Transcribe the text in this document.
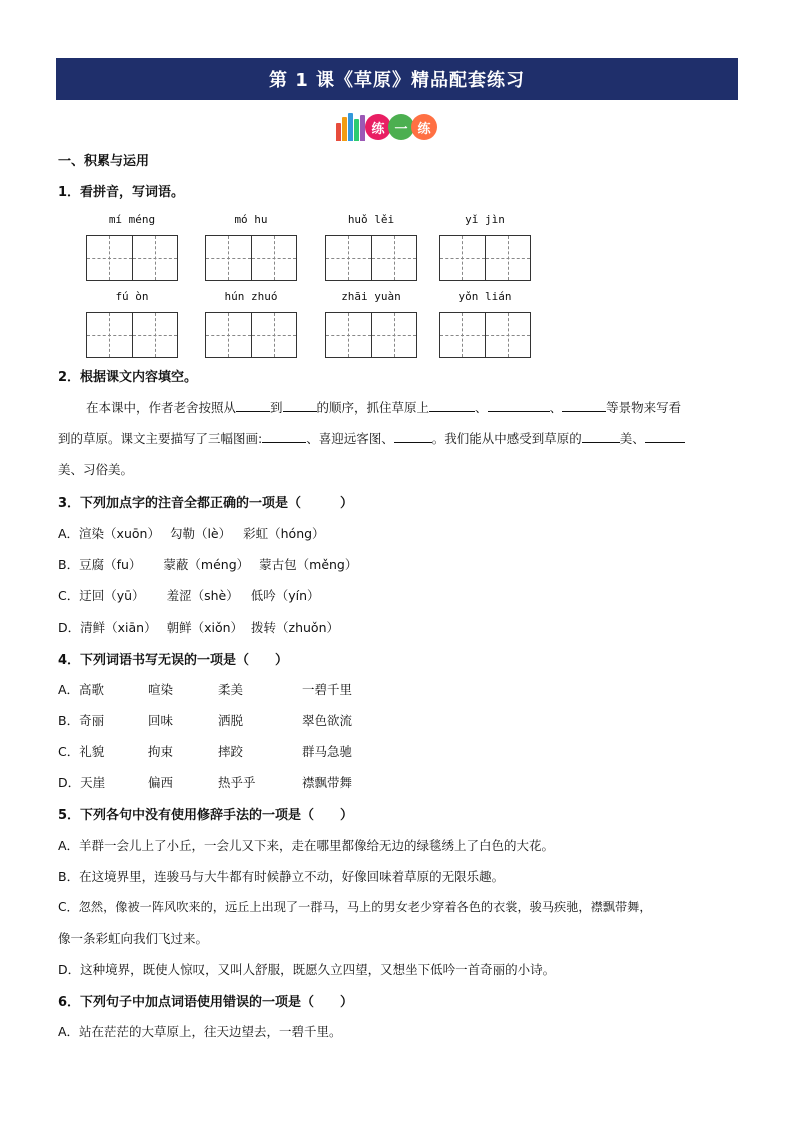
第 1 课《草原》精品配套练习
练 一 练
一、积累与运用
1．看拼音，写词语。
mí méng	mó hu	huǒ lěi	yǐ jìn
fú òn	hún zhuó	zhāi yuàn	yǒn lián
2．根据课文内容填空。
在本课中，作者老舍按照从	到	的顺序，抓住草原上	、	、	等景物来写看
到的草原。课文主要描写了三幅图画:	、喜迎远客图、	。我们能从中感受到草原的	美、
美、习俗美。
3．下列加点字的注音全都正确的一项是（　　　）
A．渲染（xuōn） 勾勒（lè） 彩虹（hóng）
B．豆腐（fu） 蒙蔽（méng） 蒙古包（měng）
C．迂回（yū） 羞涩（shè） 低吟（yín）
D．清鲜（xiān） 朝鲜（xiǒn） 拨转（zhuǒn）
4．下列词语书写无误的一项是（　　）
A．高歌	喧染	柔美	一碧千里
B．奇丽	回味	洒脱	翠色欲流
C．礼貌	拘束	摔跤	群马急驰
D．天崖	偏西	热乎乎	襟飘带舞
5．下列各句中没有使用修辞手法的一项是（　　）
A．羊群一会儿上了小丘，一会儿又下来，走在哪里都像给无边的绿毯绣上了白色的大花。
B．在这境界里，连骏马与大牛都有时候静立不动，好像回味着草原的无限乐趣。
C．忽然，像被一阵风吹来的，远丘上出现了一群马，马上的男女老少穿着各色的衣裳，骏马疾驰，襟飘带舞，
像一条彩虹向我们飞过来。
D．这种境界，既使人惊叹，又叫人舒服，既愿久立四望，又想坐下低吟一首奇丽的小诗。
6．下列句子中加点词语使用错误的一项是（　　）
A．站在茫茫的大草原上，往天边望去，一碧千里。
